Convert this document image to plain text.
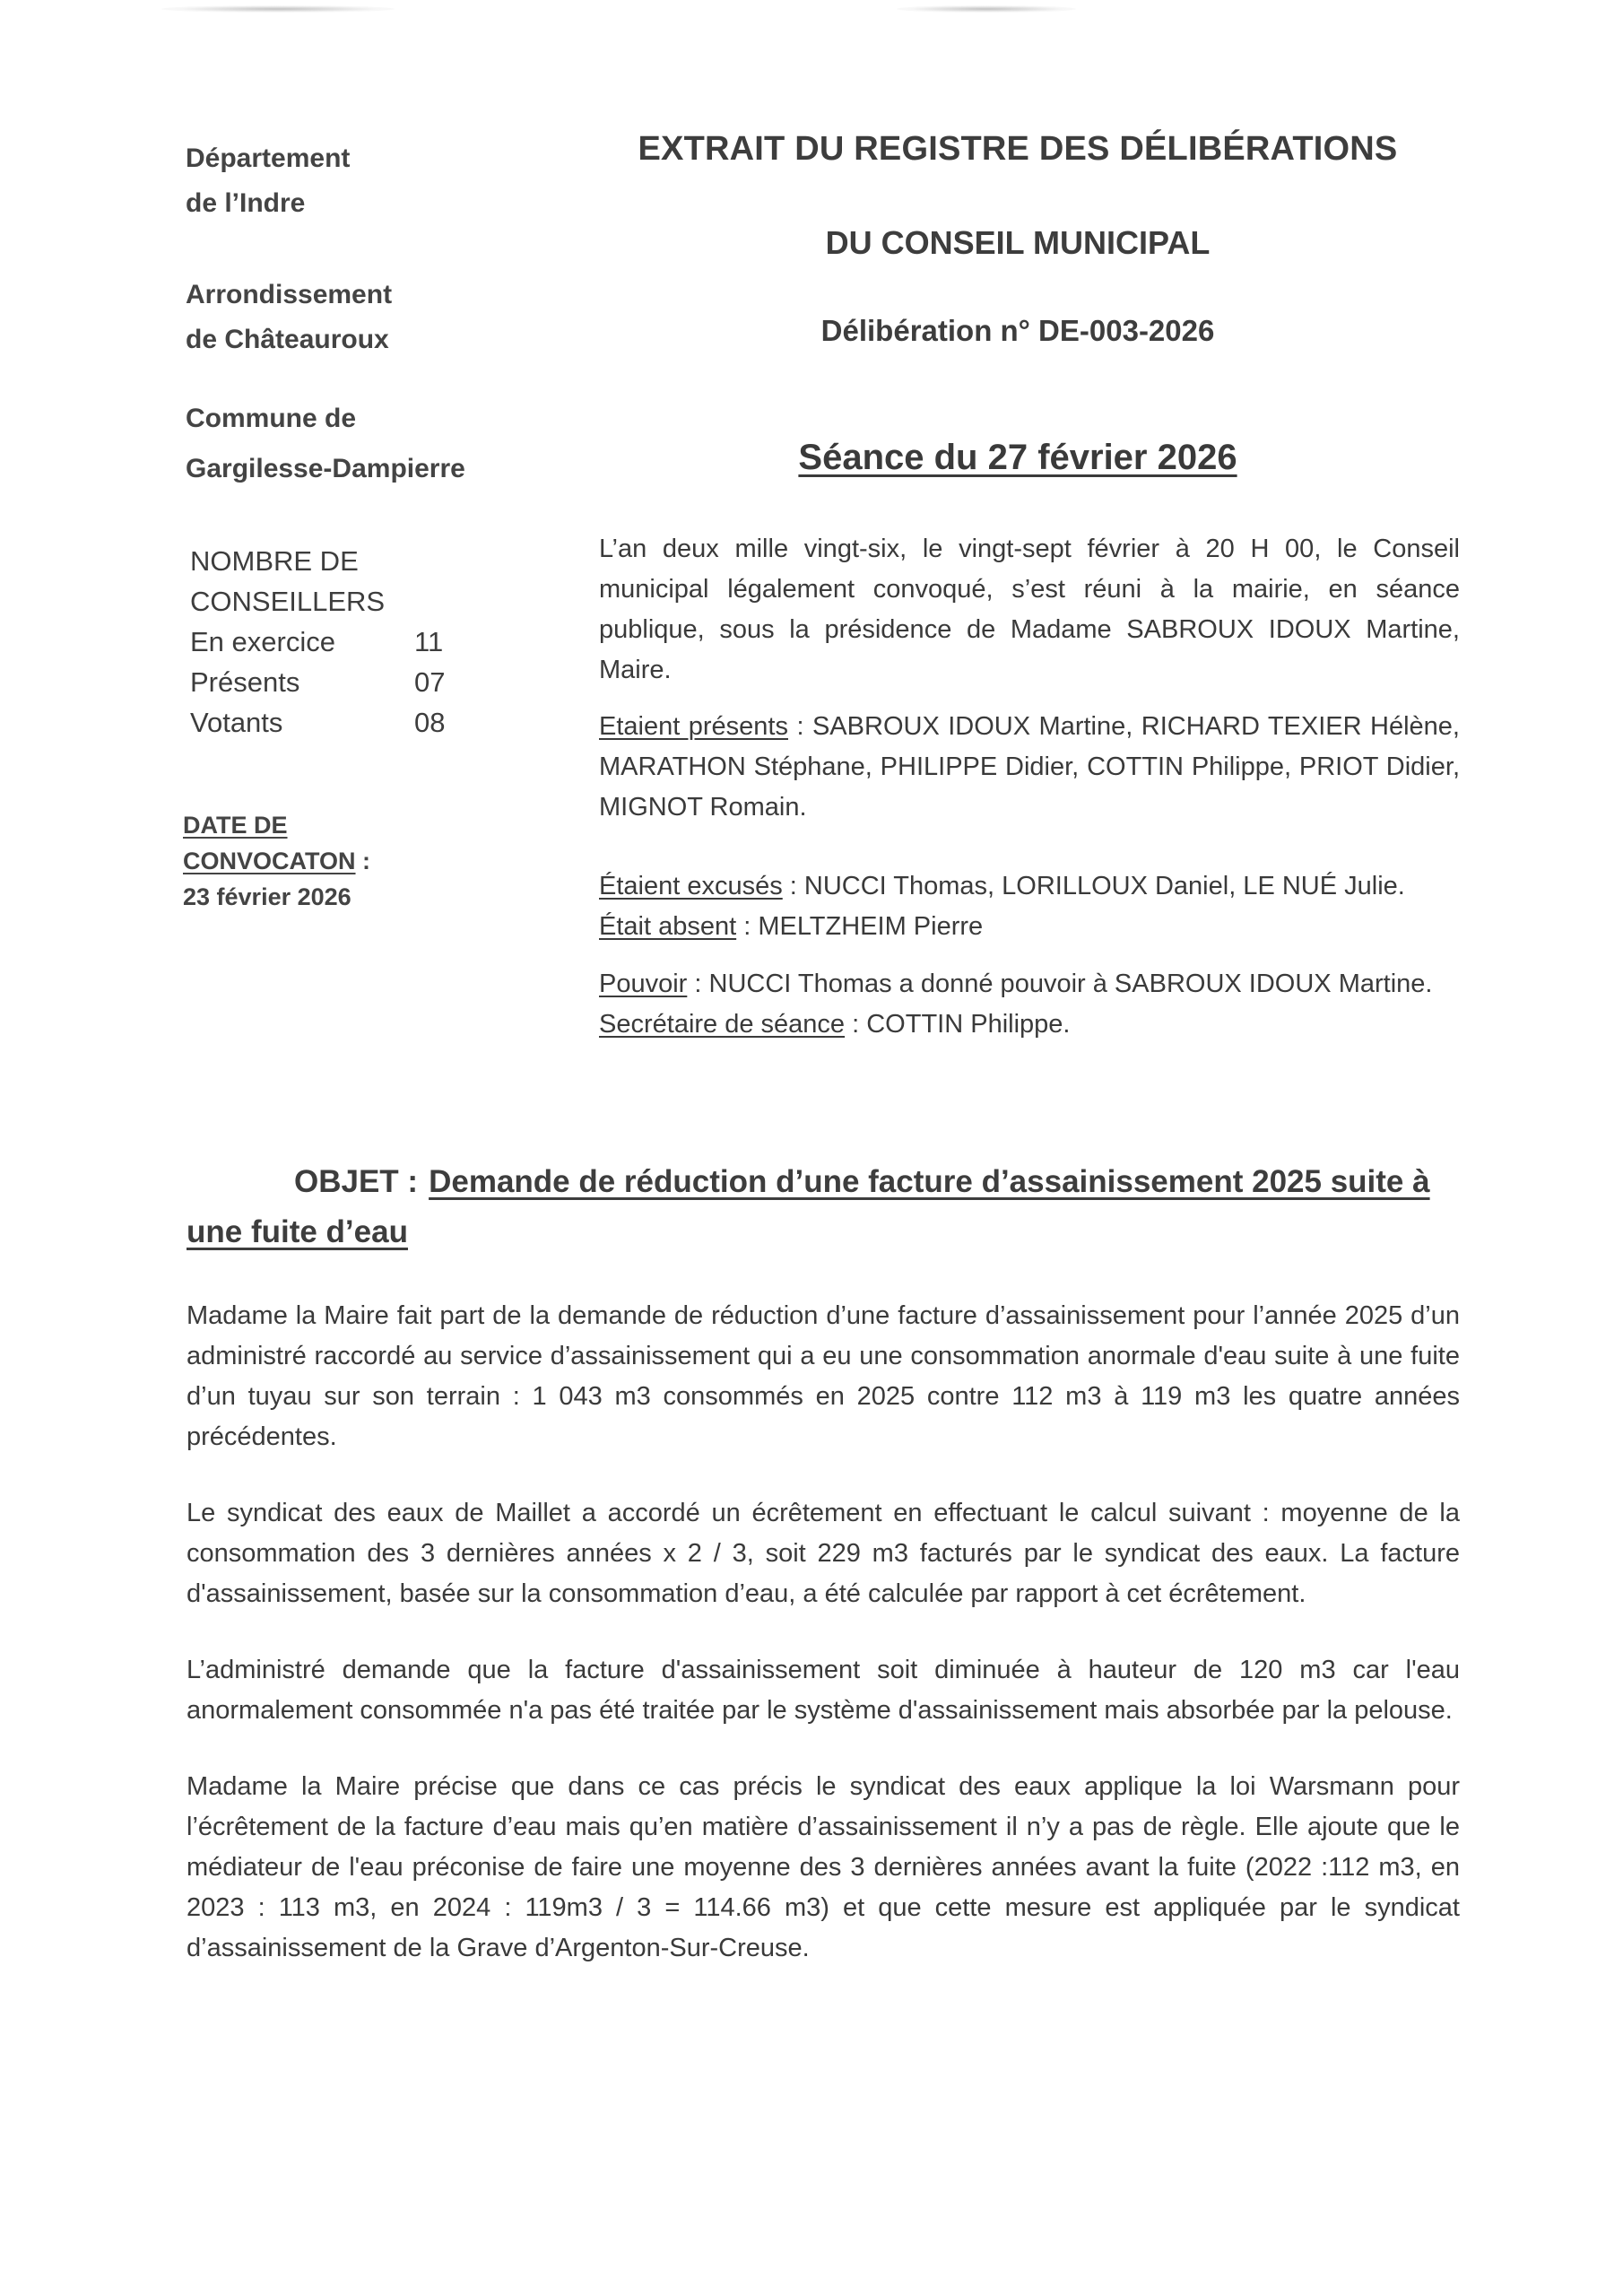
Département
de l’Indre
Arrondissement
de Châteauroux
Commune de
Gargilesse-Dampierre
NOMBRE DE
CONSEILLERS
En exercice	11
Présents	07
Votants	08
DATE DE
CONVOCATON :
23 février 2026
EXTRAIT DU REGISTRE DES DÉLIBÉRATIONS
DU CONSEIL MUNICIPAL
Délibération n° DE-003-2026
Séance du 27 février 2026

L’an deux mille vingt-six, le vingt-sept février à 20 H 00, le Conseil municipal légalement convoqué, s’est réuni à la mairie, en séance publique, sous la présidence de Madame SABROUX IDOUX Martine, Maire.

Etaient présents : SABROUX IDOUX Martine, RICHARD TEXIER Hélène, MARATHON Stéphane, PHILIPPE Didier, COTTIN Philippe, PRIOT Didier, MIGNOT Romain.

Étaient excusés : NUCCI Thomas, LORILLOUX Daniel, LE NUÉ Julie.

Était absent : MELTZHEIM Pierre

Pouvoir : NUCCI Thomas a donné pouvoir à SABROUX IDOUX Martine.

Secrétaire de séance : COTTIN Philippe.

OBJET : Demande de réduction d’une facture d’assainissement 2025 suite à une fuite d’eau

Madame la Maire fait part de la demande de réduction d’une facture d’assainissement pour l’année 2025 d’un administré raccordé au service d’assainissement qui a eu une consommation anormale d'eau suite à une fuite d’un tuyau sur son terrain : 1 043 m3 consommés en 2025 contre 112 m3 à 119 m3 les quatre années précédentes.

Le syndicat des eaux de Maillet a accordé un écrêtement en effectuant le calcul suivant : moyenne de la consommation des 3 dernières années x 2 / 3, soit 229 m3 facturés par le syndicat des eaux. La facture d'assainissement, basée sur la consommation d’eau, a été calculée par rapport à cet écrêtement.

L’administré demande que la facture d'assainissement soit diminuée à hauteur de 120 m3 car l'eau anormalement consommée n'a pas été traitée par le système d'assainissement mais absorbée par la pelouse.

Madame la Maire précise que dans ce cas précis le syndicat des eaux applique la loi Warsmann pour l’écrêtement de la facture d’eau mais qu’en matière d’assainissement il n’y a pas de règle. Elle ajoute que le médiateur de l'eau préconise de faire une moyenne des 3 dernières années avant la fuite (2022 :112 m3, en 2023 : 113 m3, en 2024 : 119m3 / 3 = 114.66 m3) et que cette mesure est appliquée par le syndicat d’assainissement de la Grave d’Argenton-Sur-Creuse.
